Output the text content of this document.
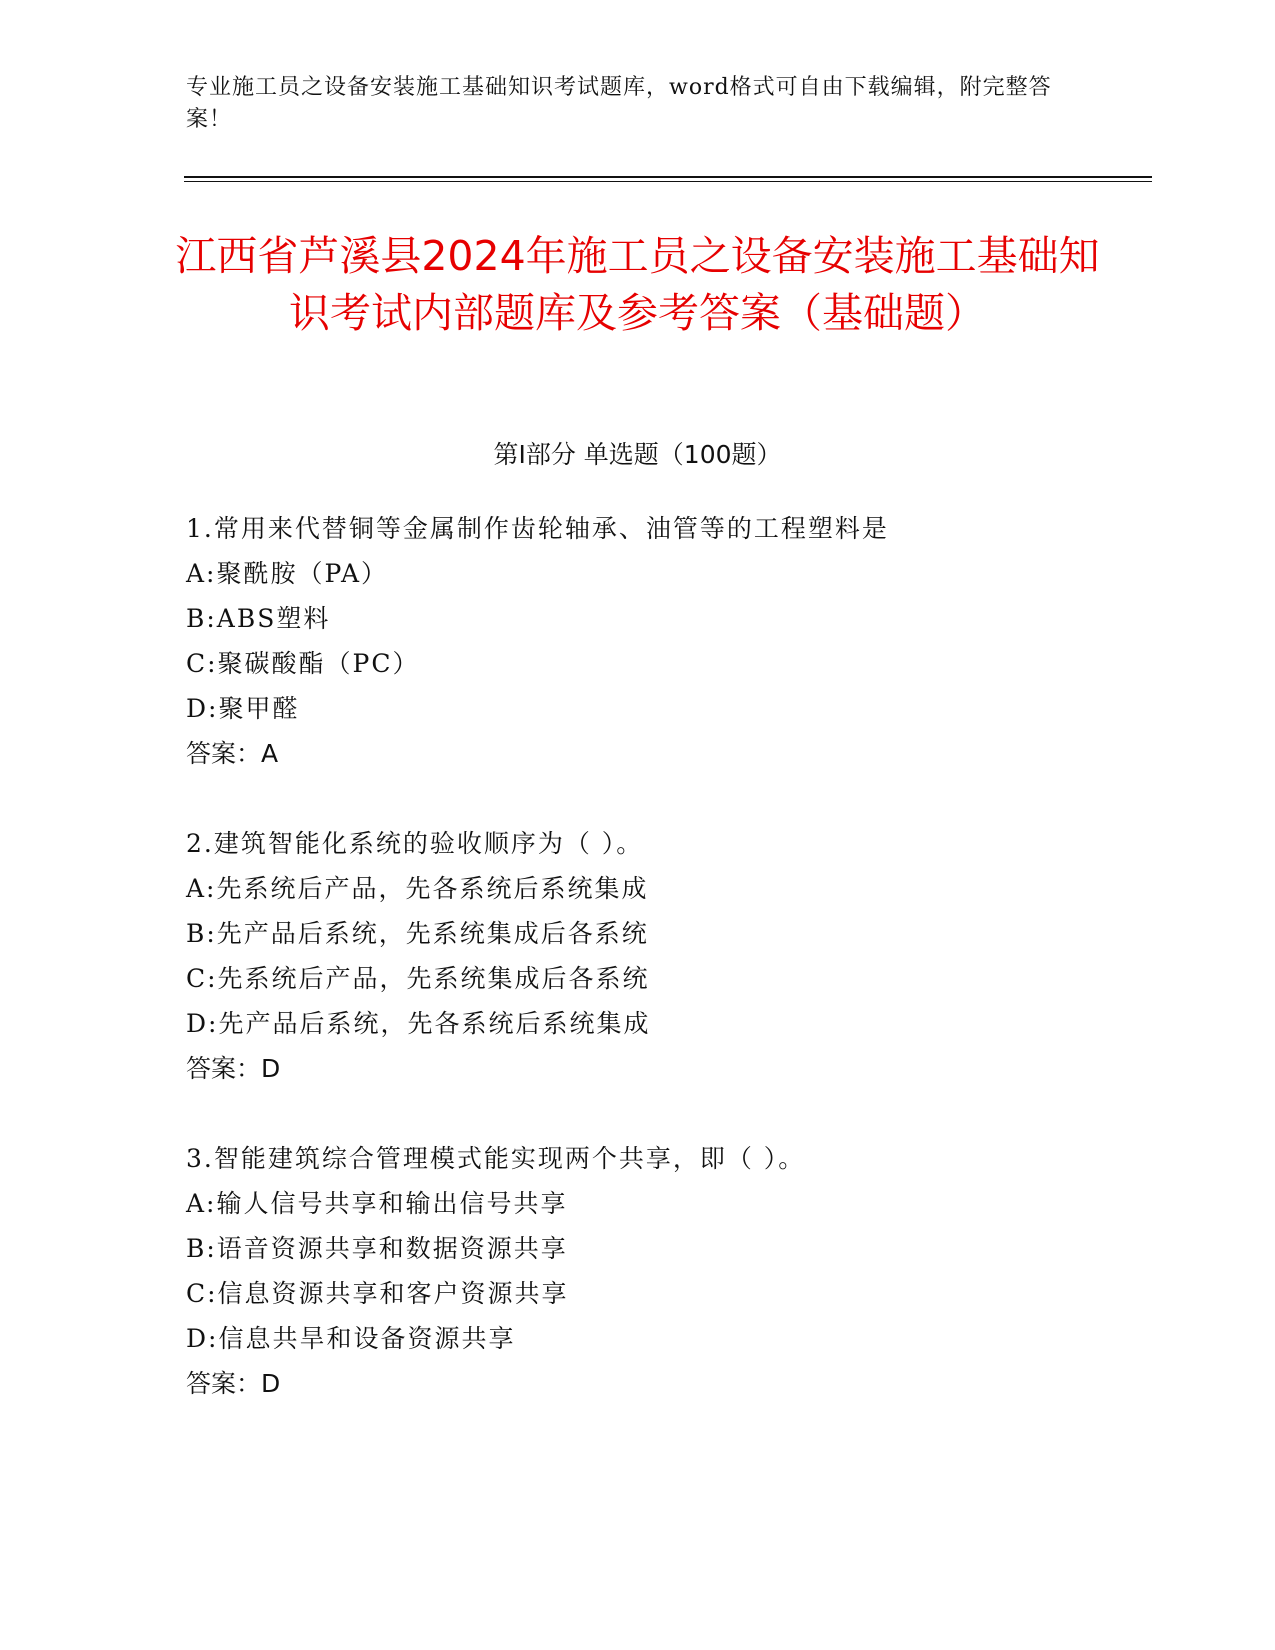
专业施工员之设备安装施工基础知识考试题库，word格式可自由下载编辑，附完整答案！
江西省芦溪县2024年施工员之设备安装施工基础知识考试内部题库及参考答案（基础题）
第Ⅰ部分 单选题（100题）
1.常用来代替铜等金属制作齿轮轴承、油管等的工程塑料是
A:聚酰胺（PA）
B:ABS塑料
C:聚碳酸酯（PC）
D:聚甲醛
答案：A
2.建筑智能化系统的验收顺序为（ ）。
A:先系统后产品，先各系统后系统集成
B:先产品后系统，先系统集成后各系统
C:先系统后产品，先系统集成后各系统
D:先产品后系统，先各系统后系统集成
答案：D
3.智能建筑综合管理模式能实现两个共享，即（ ）。
A:输人信号共享和输出信号共享
B:语音资源共享和数据资源共享
C:信息资源共享和客户资源共享
D:信息共旱和设备资源共享
答案：D
